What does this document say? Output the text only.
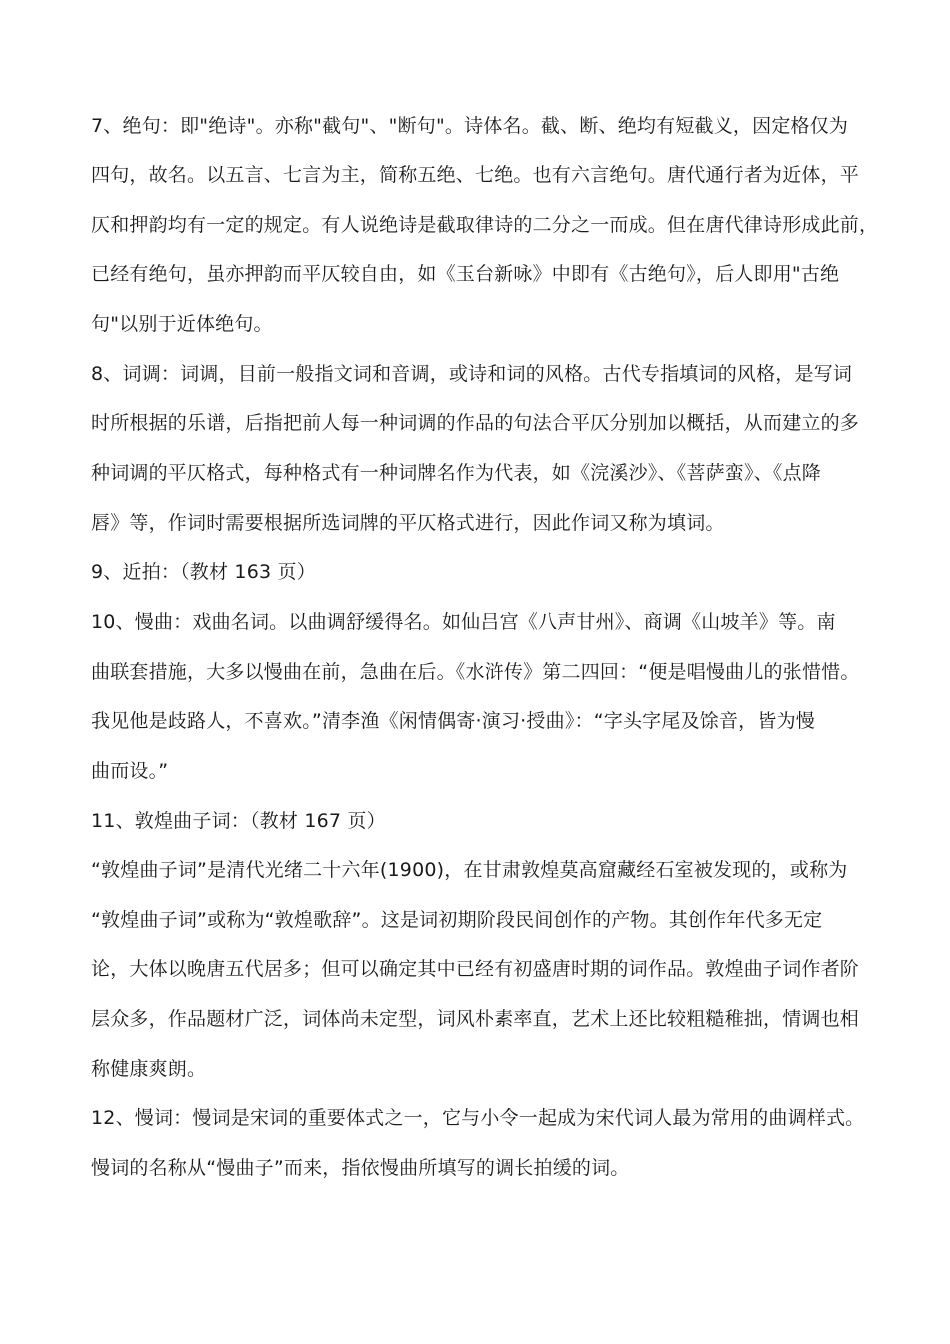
7、绝句：即"绝诗"。亦称"截句"、"断句"。诗体名。截、断、绝均有短截义，因定格仅为
四句，故名。以五言、七言为主，简称五绝、七绝。也有六言绝句。唐代通行者为近体，平
仄和押韵均有一定的规定。有人说绝诗是截取律诗的二分之一而成。但在唐代律诗形成此前，
已经有绝句，虽亦押韵而平仄较自由，如《玉台新咏》中即有《古绝句》，后人即用"古绝
句"以别于近体绝句。
8、词调：词调，目前一般指文词和音调，或诗和词的风格。古代专指填词的风格，是写词
时所根据的乐谱，后指把前人每一种词调的作品的句法合平仄分别加以概括，从而建立的多
种词调的平仄格式，每种格式有一种词牌名作为代表，如《浣溪沙》、《菩萨蛮》、《点降
唇》等，作词时需要根据所选词牌的平仄格式进行，因此作词又称为填词。
9、近拍：（教材 163 页）
10、慢曲：戏曲名词。以曲调舒缓得名。如仙吕宫《八声甘州》、商调《山坡羊》等。南
曲联套措施，大多以慢曲在前，急曲在后。《水浒传》第二四回：“便是唱慢曲儿的张惜惜。
我见他是歧路人，不喜欢。”清李渔《闲情偶寄·演习·授曲》：“字头字尾及馀音，皆为慢
曲而设。”
11、敦煌曲子词：（教材 167 页）
“敦煌曲子词”是清代光绪二十六年(1900)，在甘肃敦煌莫高窟藏经石室被发现的，或称为
“敦煌曲子词”或称为“敦煌歌辞”。这是词初期阶段民间创作的产物。其创作年代多无定
论，大体以晚唐五代居多；但可以确定其中已经有初盛唐时期的词作品。敦煌曲子词作者阶
层众多，作品题材广泛，词体尚未定型，词风朴素率直，艺术上还比较粗糙稚拙，情调也相
称健康爽朗。
12、慢词：慢词是宋词的重要体式之一，它与小令一起成为宋代词人最为常用的曲调样式。
慢词的名称从“慢曲子”而来，指依慢曲所填写的调长拍缓的词。
